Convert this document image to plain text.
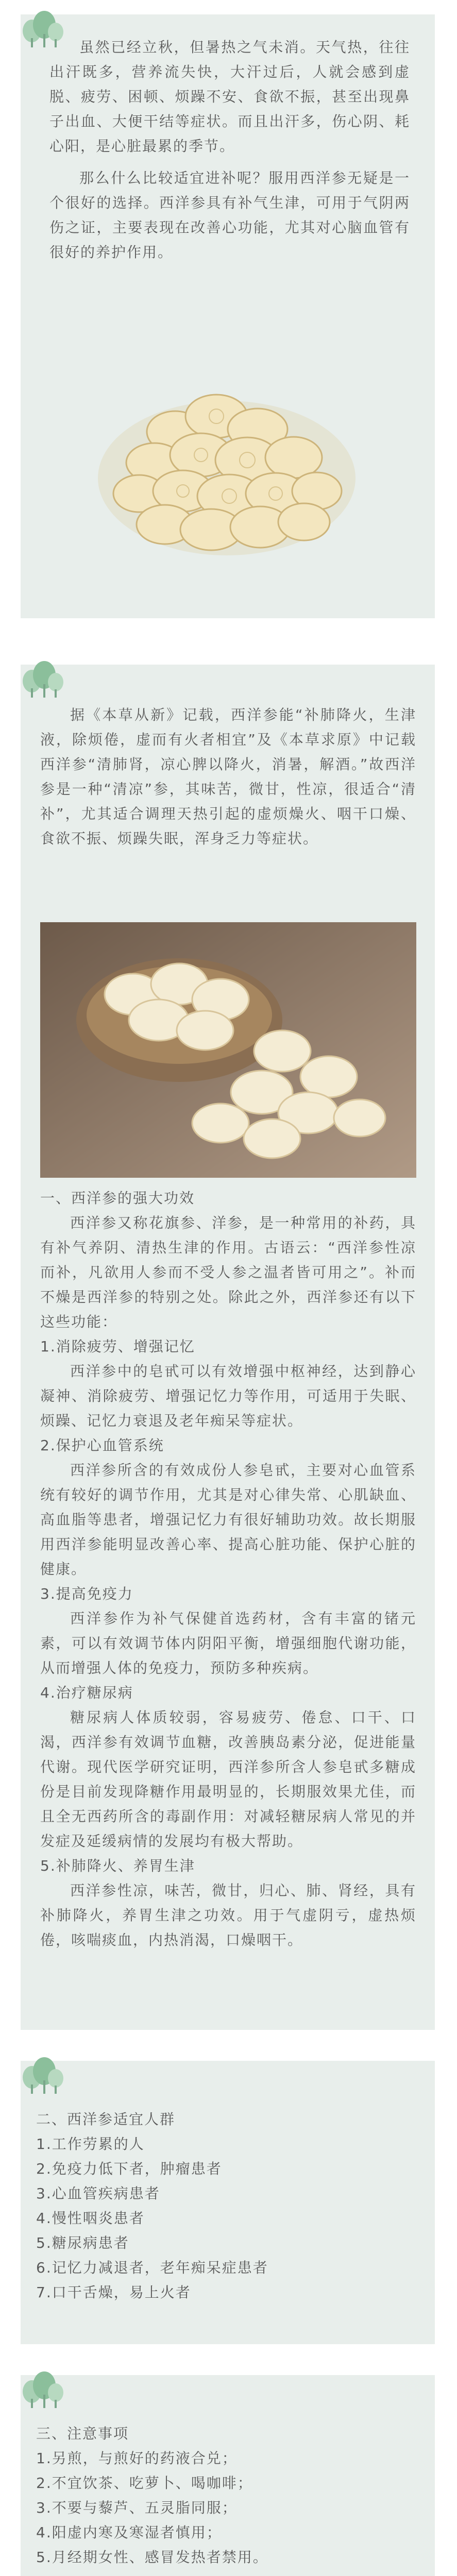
虽然已经立秋，但暑热之气未消。天气热，往往出汗既多，营养流失快，大汗过后，人就会感到虚脱、疲劳、困顿、烦躁不安、食欲不振，甚至出现鼻子出血、大便干结等症状。而且出汗多，伤心阴、耗心阳，是心脏最累的季节。

那么什么比较适宜进补呢？服用西洋参无疑是一个很好的选择。西洋参具有补气生津，可用于气阴两伤之证，主要表现在改善心功能，尤其对心脑血管有很好的养护作用。

据《本草从新》记载，西洋参能“补肺降火，生津液，除烦倦，虚而有火者相宜”及《本草求原》中记载西洋参“清肺肾，凉心脾以降火，消暑，解酒。”故西洋参是一种“清凉”参，其味苦，微甘，性凉，很适合“清补”，尤其适合调理天热引起的虚烦燥火、咽干口燥、食欲不振、烦躁失眠，浑身乏力等症状。

一、西洋参的强大功效

西洋参又称花旗参、洋参，是一种常用的补药，具有补气养阴、清热生津的作用。古语云：“西洋参性凉而补，凡欲用人参而不受人参之温者皆可用之”。补而不燥是西洋参的特别之处。除此之外，西洋参还有以下这些功能：

1.消除疲劳、增强记忆

西洋参中的皂甙可以有效增强中枢神经，达到静心凝神、消除疲劳、增强记忆力等作用，可适用于失眠、烦躁、记忆力衰退及老年痴呆等症状。

2.保护心血管系统

西洋参所含的有效成份人参皂甙，主要对心血管系统有较好的调节作用，尤其是对心律失常、心肌缺血、高血脂等患者，增强记忆力有很好辅助功效。故长期服用西洋参能明显改善心率、提高心脏功能、保护心脏的健康。

3.提高免疫力

西洋参作为补气保健首选药材，含有丰富的锗元素，可以有效调节体内阴阳平衡，增强细胞代谢功能，从而增强人体的免疫力，预防多种疾病。

4.治疗糖尿病

糖尿病人体质较弱，容易疲劳、倦怠、口干、口渴，西洋参有效调节血糖，改善胰岛素分泌，促进能量代谢。现代医学研究证明，西洋参所含人参皂甙多糖成份是目前发现降糖作用最明显的，长期服效果尤佳，而且全无西药所含的毒副作用：对减轻糖尿病人常见的并发症及延缓病情的发展均有极大帮助。

5.补肺降火、养胃生津

西洋参性凉，味苦，微甘，归心、肺、肾经，具有补肺降火，养胃生津之功效。用于气虚阴亏，虚热烦倦，咳喘痰血，内热消渴，口燥咽干。

二、西洋参适宜人群

1.工作劳累的人

2.免疫力低下者，肿瘤患者

3.心血管疾病患者

4.慢性咽炎患者

5.糖尿病患者

6.记忆力减退者，老年痴呆症患者

7.口干舌燥，易上火者

三、注意事项

1.另煎，与煎好的药液合兑；

2.不宜饮茶、吃萝卜、喝咖啡；

3.不要与藜芦、五灵脂同服；

4.阳虚内寒及寒湿者慎用；

5.月经期女性、感冒发热者禁用。
